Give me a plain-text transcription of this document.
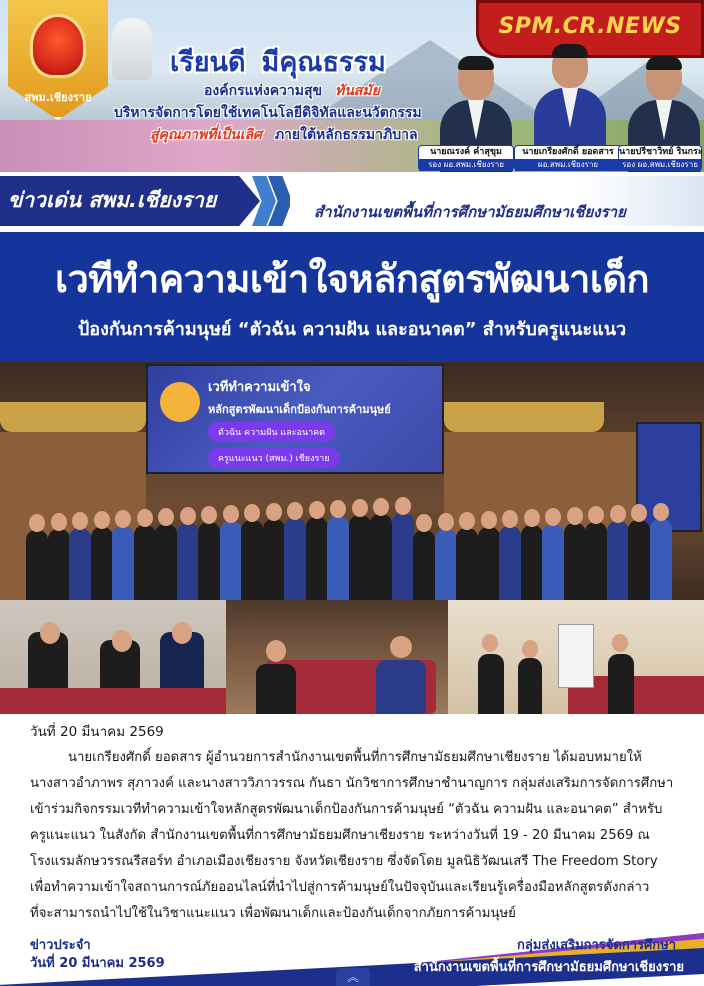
สพม.เชียงราย
SPM.CR.NEWS
เรียนดี มีคุณธรรม
องค์กรแห่งความสุข ทันสมัย
บริหารจัดการโดยใช้เทคโนโลยีดิจิทัลและนวัตกรรม
สู่คุณภาพที่เป็นเลิศ ภายใต้หลักธรรมาภิบาล
นายณรงค์ คำสุขุม
รอง ผอ.สพม.เชียงราย
นายเกรียงศักดิ์ ยอดสาร
ผอ.สพม.เชียงราย
นายปรีชาวิทย์ รินกระ
รอง ผอ.สพม.เชียงราย
ข่าวเด่น สพม.เชียงราย	สำนักงานเขตพื้นที่การศึกษามัธยมศึกษาเชียงราย
เวทีทำความเข้าใจหลักสูตรพัฒนาเด็ก
ป้องกันการค้ามนุษย์ “ตัวฉัน ความฝัน และอนาคต” สำหรับครูแนะแนว
เวทีทำความเข้าใจ
หลักสูตรพัฒนาเด็กป้องกันการค้ามนุษย์
ตัวฉัน ความฝัน และอนาคต
ครูแนะแนว (สพม.) เชียงราย
วันที่ 20 มีนาคม 2569
นายเกรียงศักดิ์ ยอดสาร ผู้อำนวยการสำนักงานเขตพื้นที่การศึกษามัธยมศึกษาเชียงราย ได้มอบหมายให้
นางสาวอำภาพร สุภาวงค์ และนางสาววิภาวรรณ กันธา นักวิชาการศึกษาชำนาญการ กลุ่มส่งเสริมการจัดการศึกษา
เข้าร่วมกิจกรรมเวทีทำความเข้าใจหลักสูตรพัฒนาเด็กป้องกันการค้ามนุษย์ “ตัวฉัน ความฝัน และอนาคต” สำหรับ
ครูแนะแนว ในสังกัด สำนักงานเขตพื้นที่การศึกษามัธยมศึกษาเชียงราย ระหว่างวันที่ 19 - 20 มีนาคม 2569 ณ
โรงแรมลักษวรรณรีสอร์ท อำเภอเมืองเชียงราย จังหวัดเชียงราย ซึ่งจัดโดย มูลนิธิวัฒนเสรี The Freedom Story
เพื่อทำความเข้าใจสถานการณ์ภัยออนไลน์ที่นำไปสู่การค้ามนุษย์ในปัจจุบันและเรียนรู้เครื่องมือหลักสูตรดังกล่าว
ที่จะสามารถนำไปใช้ในวิชาแนะแนว เพื่อพัฒนาเด็กและป้องกันเด็กจากภัยการค้ามนุษย์
ข่าวประจำ
วันที่ 20 มีนาคม 2569
กลุ่มส่งเสริมการจัดการศึกษา
สำนักงานเขตพื้นที่การศึกษามัธยมศึกษาเชียงราย
︽
